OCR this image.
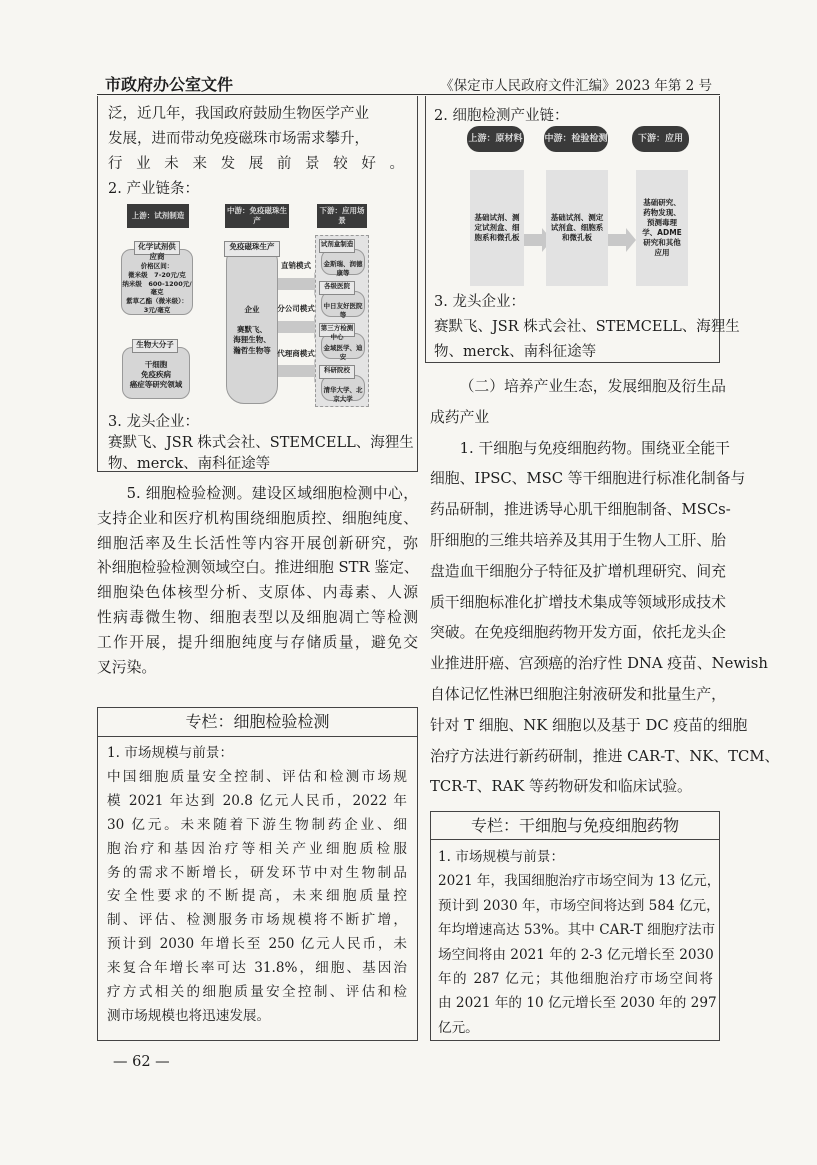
市政府办公室文件	《保定市人民政府文件汇编》2023 年第 2 号
泛，近几年，我国政府鼓励生物医学产业
发展，进而带动免疫磁珠市场需求攀升，
行业未来发展前景较好。
2. 产业链条：
上游：试剂制造
中游：免疫磁珠生产
下游：应用场景
价格区间：
微米级　7-20元/克
纳米级　600-1200元/毫克
紫草乙酯（微米级）：
3元/毫克
化学试剂供应商
干细胞
免疫疾病
癌症等研究领域
生物大分子
企业

赛默飞、
海狸生物、
瀚哲生物等
免疫磁珠生产
直销模式
分公司模式
代理商模式
金斯瑞、润德康等
试剂盒制造
中日友好医院等
各级医院
金域医学、迪安
第三方检测中心
清华大学、北京大学
科研院校
3. 龙头企业：
赛默飞、JSR 株式会社、STEMCELL、海狸生
物、merck、南科征途等
5. 细胞检验检测。建设区域细胞检测中心，
支持企业和医疗机构围绕细胞质控、细胞纯度、
细胞活率及生长活性等内容开展创新研究，弥
补细胞检验检测领域空白。推进细胞 STR 鉴定、
细胞染色体核型分析、支原体、内毒素、人源
性病毒微生物、细胞表型以及细胞凋亡等检测
工作开展，提升细胞纯度与存储质量，避免交
叉污染。
专栏：细胞检验检测
1. 市场规模与前景：
中国细胞质量安全控制、评估和检测市场规
模 2021 年达到 20.8 亿元人民币，2022 年
30 亿元。未来随着下游生物制药企业、细
胞治疗和基因治疗等相关产业细胞质检服
务的需求不断增长，研发环节中对生物制品
安全性要求的不断提高，未来细胞质量控
制、评估、检测服务市场规模将不断扩增，
预计到 2030 年增长至 250 亿元人民币，未
来复合年增长率可达 31.8%，细胞、基因治
疗方式相关的细胞质量安全控制、评估和检
测市场规模也将迅速发展。
2. 细胞检测产业链：
上游：原材料 中游：检验检测	下游：应用
基础试剂、测定试剂盒、细胞系和微孔板
基础试剂、测定试剂盒、细胞系和微孔板
基础研究、药物发现、预测毒理学、ADME 研究和其他应用
3. 龙头企业：
赛默飞、JSR 株式会社、STEMCELL、海狸生
物、merck、南科征途等
（二）培养产业生态，发展细胞及衍生品
成药产业
1. 干细胞与免疫细胞药物。围绕亚全能干
细胞、IPSC、MSC 等干细胞进行标准化制备与
药品研制，推进诱导心肌干细胞制备、MSCs-
肝细胞的三维共培养及其用于生物人工肝、胎
盘造血干细胞分子特征及扩增机理研究、间充
质干细胞标准化扩增技术集成等领域形成技术
突破。在免疫细胞药物开发方面，依托龙头企
业推进肝癌、宫颈癌的治疗性 DNA 疫苗、Newish
自体记忆性淋巴细胞注射液研发和批量生产，
针对 T 细胞、NK 细胞以及基于 DC 疫苗的细胞
治疗方法进行新药研制，推进 CAR-T、NK、TCM、
TCR-T、RAK 等药物研发和临床试验。
专栏：干细胞与免疫细胞药物
1. 市场规模与前景：
2021 年，我国细胞治疗市场空间为 13 亿元，
预计到 2030 年，市场空间将达到 584 亿元，
年均增速高达 53%。其中 CAR-T 细胞疗法市
场空间将由 2021 年的 2-3 亿元增长至 2030
年的 287 亿元；其他细胞治疗市场空间将
由 2021 年的 10 亿元增长至 2030 年的 297
亿元。
— 62 —
